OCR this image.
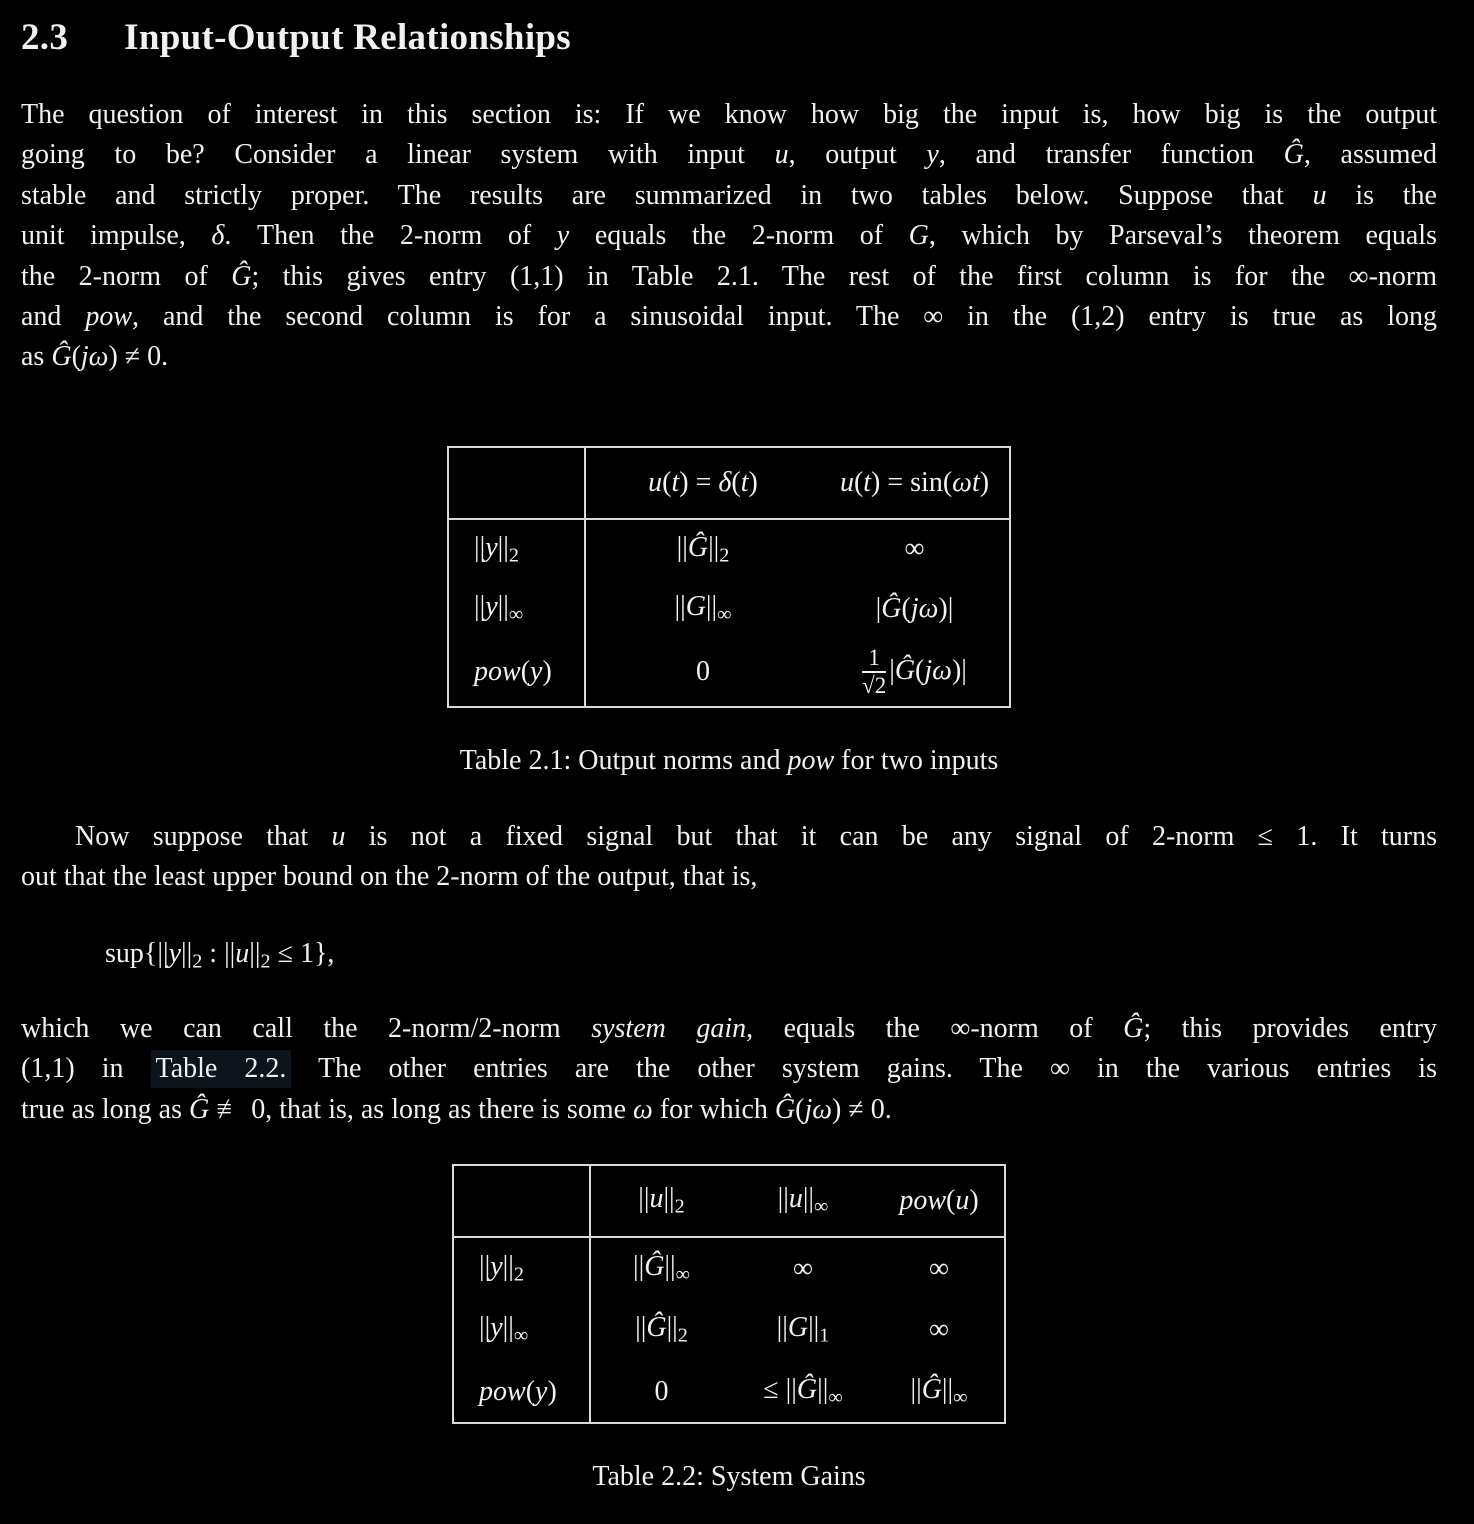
2.3 Input-Output Relationships
The question of interest in this section is: If we know how big the input is, how big is the output
going to be? Consider a linear system with input u, output y, and transfer function Ĝ, assumed
stable and strictly proper. The results are summarized in two tables below. Suppose that u is the
unit impulse, δ. Then the 2-norm of y equals the 2-norm of G, which by Parseval’s theorem equals
the 2-norm of Ĝ; this gives entry (1,1) in Table 2.1. The rest of the first column is for the ∞-norm
and pow, and the second column is for a sinusoidal input. The ∞ in the (1,2) entry is true as long
as Ĝ(jω) ≠ 0.
	u(t) = δ(t)	u(t) = sin(ωt)
$||y||_2$	$||Ĝ||_2$	∞
$||y||_\infty$	$||G||_\infty$	|Ĝ(jω)|
pow(y)	0	$\frac{1}{√2}$ |Ĝ(jω)|
Table 2.1: Output norms and pow for two inputs
Now suppose that u is not a fixed signal but that it can be any signal of 2-norm ≤ 1. It turns
out that the least upper bound on the 2-norm of the output, that is,
$sup\{||y||_2$ : $||u||_2 \le 1$},
which we can call the 2-norm/2-norm system gain, equals the ∞-norm of Ĝ; this provides entry
(1,1) in Table 2.2. The other entries are the other system gains. The ∞ in the various entries is
true as long as Ĝ ≢ 0, that is, as long as there is some ω for which Ĝ(jω) ≠ 0.
	$||u||_2$	$||u||_\infty$	pow(u)
$||y||_2$	$||Ĝ||_\infty$	∞	∞
$||y||_\infty$	$||Ĝ||_2$	$||G||_1$	∞
pow(y)	0	≤ $||Ĝ||_\infty$	$||Ĝ||_\infty$
Table 2.2: System Gains
